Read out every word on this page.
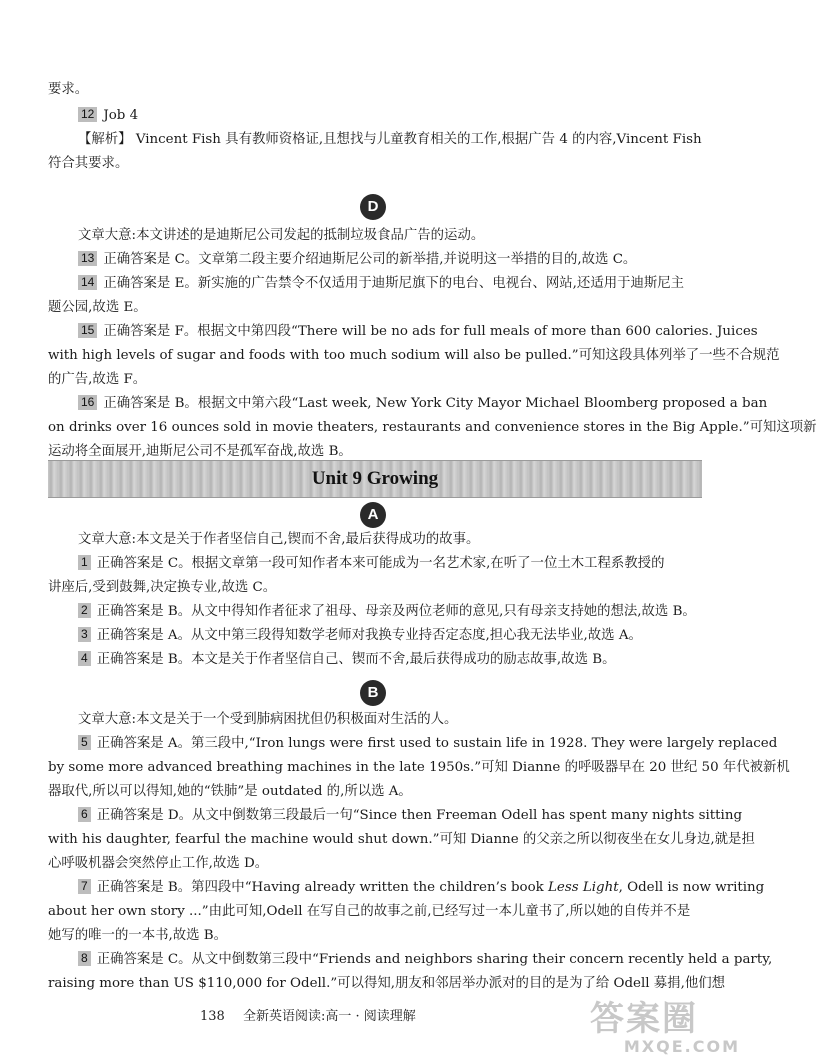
要求。
12 Job 4
【解析】 Vincent Fish 具有教师资格证,且想找与儿童教育相关的工作,根据广告 4 的内容,Vincent Fish
符合其要求。
D
文章大意:本文讲述的是迪斯尼公司发起的抵制垃圾食品广告的运动。
13 正确答案是 C。文章第二段主要介绍迪斯尼公司的新举措,并说明这一举措的目的,故选 C。
14 正确答案是 E。新实施的广告禁令不仅适用于迪斯尼旗下的电台、电视台、网站,还适用于迪斯尼主
题公园,故选 E。
15 正确答案是 F。根据文中第四段“There will be no ads for full meals of more than 600 calories. Juices
with high levels of sugar and foods with too much sodium will also be pulled.”可知这段具体列举了一些不合规范
的广告,故选 F。
16 正确答案是 B。根据文中第六段“Last week, New York City Mayor Michael Bloomberg proposed a ban
on drinks over 16 ounces sold in movie theaters, restaurants and convenience stores in the Big Apple.”可知这项新
运动将全面展开,迪斯尼公司不是孤军奋战,故选 B。
Unit 9 Growing
A
文章大意:本文是关于作者坚信自己,锲而不舍,最后获得成功的故事。
1 正确答案是 C。根据文章第一段可知作者本来可能成为一名艺术家,在听了一位土木工程系教授的
讲座后,受到鼓舞,决定换专业,故选 C。
2 正确答案是 B。从文中得知作者征求了祖母、母亲及两位老师的意见,只有母亲支持她的想法,故选 B。
3 正确答案是 A。从文中第三段得知数学老师对我换专业持否定态度,担心我无法毕业,故选 A。
4 正确答案是 B。本文是关于作者坚信自己、锲而不舍,最后获得成功的励志故事,故选 B。
B
文章大意:本文是关于一个受到肺病困扰但仍积极面对生活的人。
5 正确答案是 A。第三段中,“Iron lungs were first used to sustain life in 1928. They were largely replaced
by some more advanced breathing machines in the late 1950s.”可知 Dianne 的呼吸器早在 20 世纪 50 年代被新机
器取代,所以可以得知,她的“铁肺”是 outdated 的,所以选 A。
6 正确答案是 D。从文中倒数第三段最后一句“Since then Freeman Odell has spent many nights sitting
with his daughter, fearful the machine would shut down.”可知 Dianne 的父亲之所以彻夜坐在女儿身边,就是担
心呼吸机器会突然停止工作,故选 D。
7 正确答案是 B。第四段中“Having already written the children’s book Less Light, Odell is now writing
about her own story ...”由此可知,Odell 在写自己的故事之前,已经写过一本儿童书了,所以她的自传并不是
她写的唯一的一本书,故选 B。
8 正确答案是 C。从文中倒数第三段中“Friends and neighbors sharing their concern recently held a party,
raising more than US $110,000 for Odell.”可以得知,朋友和邻居举办派对的目的是为了给 Odell 募捐,他们想
138 全新英语阅读:高一 · 阅读理解	答案圈
MXQE.COM
